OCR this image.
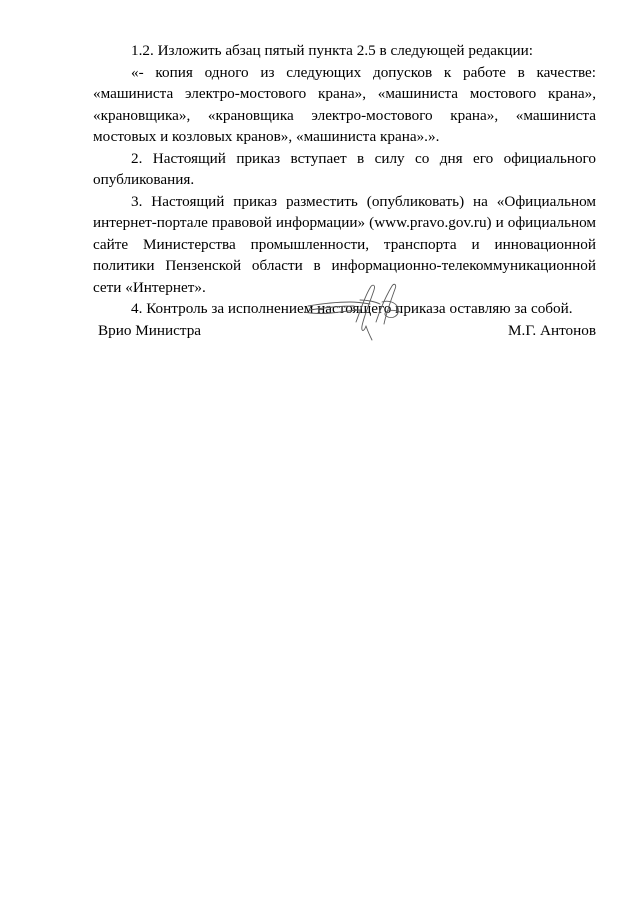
1.2. Изложить абзац пятый пункта 2.5 в следующей редакции:

«- копия одного из следующих допусков к работе в качестве: «машиниста электро-мостового крана», «машиниста мостового крана», «крановщика», «крановщика электро-мостового крана», «машиниста мостовых и козловых кранов», «машиниста крана».».

2. Настоящий приказ вступает в силу со дня его официального опубликования.

3. Настоящий приказ разместить (опубликовать) на «Официальном интернет-портале правовой информации» (www.pravo.gov.ru) и официальном сайте Министерства промышленности, транспорта и инновационной политики Пензенской области в информационно-телекоммуникационной сети «Интернет».

4. Контроль за исполнением настоящего приказа оставляю за собой.

Врио Министра	М.Г. Антонов
